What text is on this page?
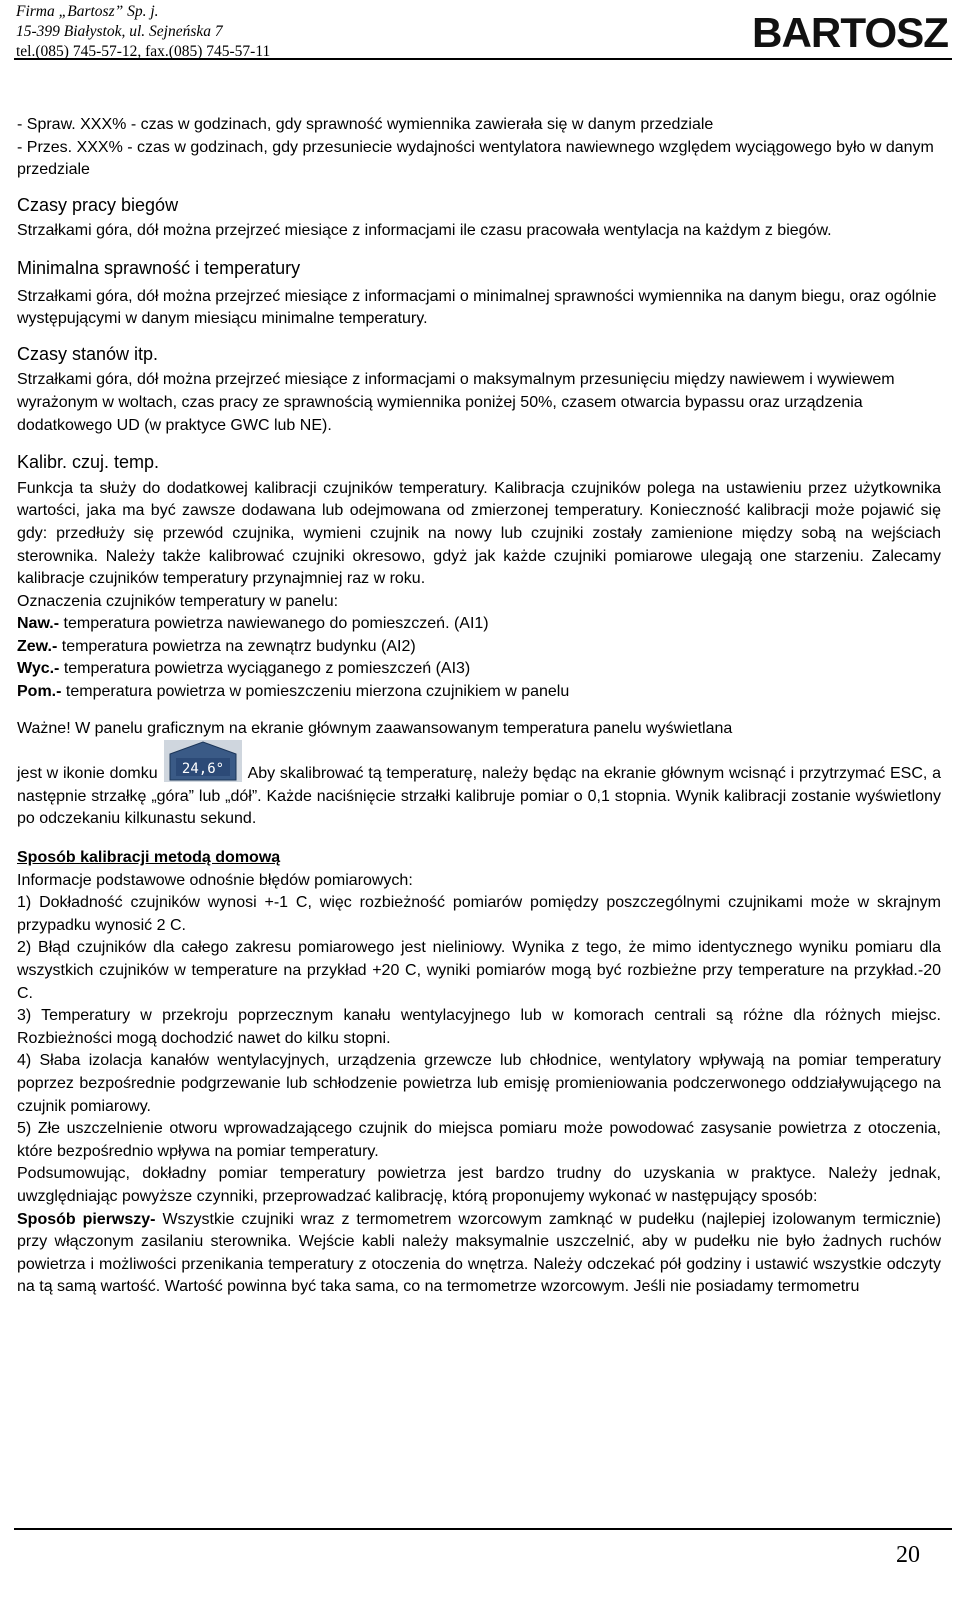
Firma „Bartosz” Sp. j.
15-399 Białystok, ul. Sejneńska 7
tel.(085) 745-57-12, fax.(085) 745-57-11	BARTOSZ

- Spraw. XXX% - czas w godzinach, gdy sprawność wymiennika zawierała się w danym przedziale

- Przes. XXX% - czas w godzinach, gdy przesuniecie wydajności wentylatora nawiewnego względem wyciągowego było w danym przedziale

Czasy pracy biegów

Strzałkami góra, dół można przejrzeć miesiące z informacjami ile czasu pracowała wentylacja na każdym z biegów.

Minimalna sprawność i temperatury

Strzałkami góra, dół można przejrzeć miesiące z informacjami o minimalnej sprawności wymiennika na danym biegu, oraz ogólnie występującymi w danym miesiącu minimalne temperatury.

Czasy stanów itp.

Strzałkami góra, dół można przejrzeć miesiące z informacjami o maksymalnym przesunięciu między nawiewem i wywiewem wyrażonym w woltach, czas pracy ze sprawnością wymiennika poniżej 50%, czasem otwarcia bypassu oraz urządzenia dodatkowego UD (w praktyce GWC lub NE).

Kalibr. czuj. temp.

Funkcja ta służy do dodatkowej kalibracji czujników temperatury. Kalibracja czujników polega na ustawieniu przez użytkownika wartości, jaka ma być zawsze dodawana lub odejmowana od zmierzonej temperatury. Konieczność kalibracji może pojawić się gdy: przedłuży się przewód czujnika, wymieni czujnik na nowy lub czujniki zostały zamienione między sobą na wejściach sterownika. Należy także kalibrować czujniki okresowo, gdyż jak każde czujniki pomiarowe ulegają one starzeniu. Zalecamy kalibracje czujników temperatury przynajmniej raz w roku.

Oznaczenia czujników temperatury w panelu:

Naw.- temperatura powietrza nawiewanego do pomieszczeń. (AI1)

Zew.- temperatura powietrza na zewnątrz budynku (AI2)

Wyc.- temperatura powietrza wyciąganego z pomieszczeń (AI3)

Pom.- temperatura powietrza w pomieszczeniu mierzona czujnikiem w panelu

Ważne! W panelu graficznym na ekranie głównym zaawansowanym temperatura panelu wyświetlana

jest w ikonie domku 24,6° Aby skalibrować tą temperaturę, należy będąc na ekranie głównym wcisnąć i przytrzymać ESC, a następnie strzałkę „góra” lub „dół”. Każde naciśnięcie strzałki kalibruje pomiar o 0,1 stopnia. Wynik kalibracji zostanie wyświetlony po odczekaniu kilkunastu sekund.

Sposób kalibracji metodą domową

Informacje podstawowe odnośnie błędów pomiarowych:

1) Dokładność czujników wynosi +-1 C, więc rozbieżność pomiarów pomiędzy poszczególnymi czujnikami może w skrajnym przypadku wynosić 2 C.

2) Błąd czujników dla całego zakresu pomiarowego jest nieliniowy. Wynika z tego, że mimo identycznego wyniku pomiaru dla wszystkich czujników w temperature na przykład +20 C, wyniki pomiarów mogą być rozbieżne przy temperature na przykład.-20 C.

3) Temperatury w przekroju poprzecznym kanału wentylacyjnego lub w komorach centrali są różne dla różnych miejsc. Rozbieżności mogą dochodzić nawet do kilku stopni.

4) Słaba izolacja kanałów wentylacyjnych, urządzenia grzewcze lub chłodnice, wentylatory wpływają na pomiar temperatury poprzez bezpośrednie podgrzewanie lub schłodzenie powietrza lub emisję promieniowania podczerwonego oddziaływującego na czujnik pomiarowy.

5) Złe uszczelnienie otworu wprowadzającego czujnik do miejsca pomiaru może powodować zasysanie powietrza z otoczenia, które bezpośrednio wpływa na pomiar temperatury.

Podsumowując, dokładny pomiar temperatury powietrza jest bardzo trudny do uzyskania w praktyce. Należy jednak, uwzględniając powyższe czynniki, przeprowadzać kalibrację, którą proponujemy wykonać w następujący sposób:

Sposób pierwszy- Wszystkie czujniki wraz z termometrem wzorcowym zamknąć w pudełku (najlepiej izolowanym termicznie) przy włączonym zasilaniu sterownika. Wejście kabli należy maksymalnie uszczelnić, aby w pudełku nie było żadnych ruchów powietrza i możliwości przenikania temperatury z otoczenia do wnętrza. Należy odczekać pół godziny i ustawić wszystkie odczyty na tą samą wartość. Wartość powinna być taka sama, co na termometrze wzorcowym. Jeśli nie posiadamy termometru

20
